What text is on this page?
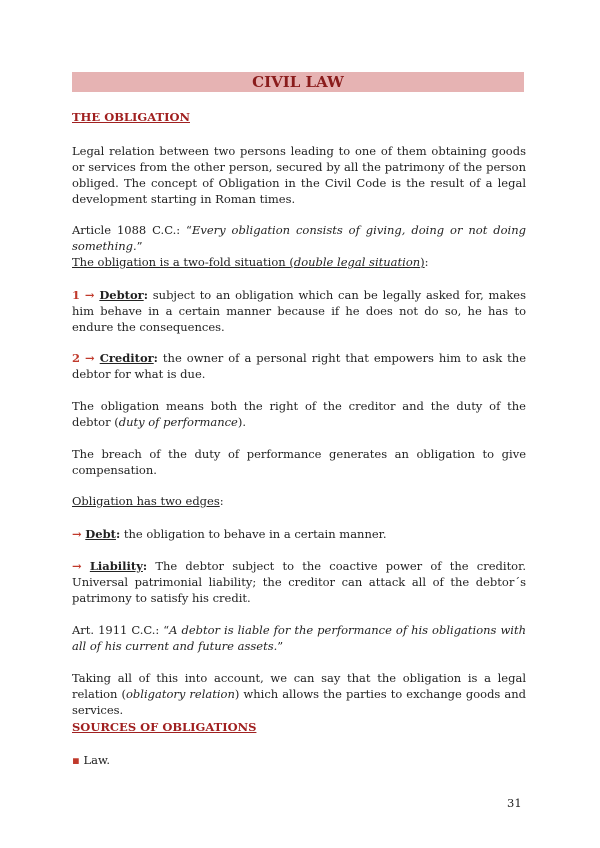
CIVIL LAW
THE OBLIGATION
Legal relation between two persons leading to one of them obtaining goods or services from the other person, secured by all the patrimony of the person obliged. The concept of Obligation in the Civil Code is the result of a legal development starting in Roman times.
Article 1088 C.C.: “Every obligation consists of giving, doing or not doing something.”
The obligation is a two-fold situation (double legal situation):
1 → Debtor: subject to an obligation which can be legally asked for, makes him behave in a certain manner because if he does not do so, he has to endure the consequences.
2 → Creditor: the owner of a personal right that empowers him to ask the debtor for what is due.
The obligation means both the right of the creditor and the duty of the debtor (duty of performance).
The breach of the duty of performance generates an obligation to give compensation.
Obligation has two edges:
→ Debt: the obligation to behave in a certain manner.
→ Liability: The debtor subject to the coactive power of the creditor. Universal patrimonial liability; the creditor can attack all of the debtor´s patrimony to satisfy his credit.
Art. 1911 C.C.: “A debtor is liable for the performance of his obligations with all of his current and future assets.”
Taking all of this into account, we can say that the obligation is a legal relation (obligatory relation) which allows the parties to exchange goods and services.
SOURCES OF OBLIGATIONS
▪ Law.
31
